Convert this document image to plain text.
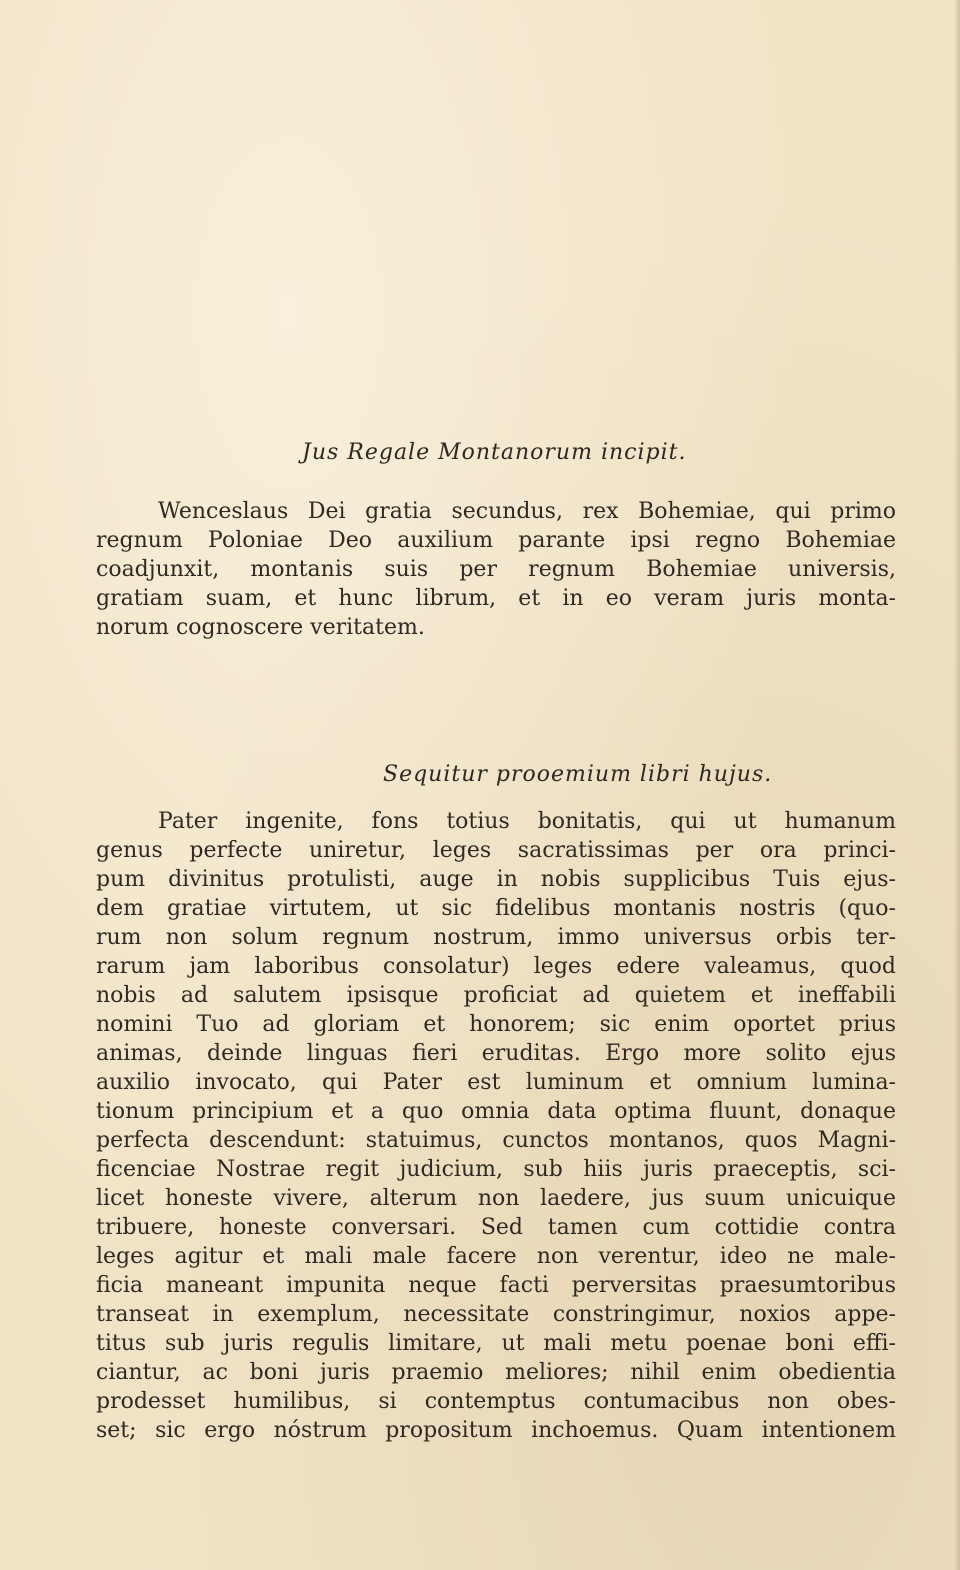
Jus Regale Montanorum incipit.
Wenceslaus Dei gratia secundus, rex Bohemiae, qui primo
regnum Poloniae Deo auxilium parante ipsi regno Bohemiae
coadjunxit, montanis suis per regnum Bohemiae universis,
gratiam suam, et hunc librum, et in eo veram juris monta-
norum cognoscere veritatem.
Sequitur prooemium libri hujus.
Pater ingenite, fons totius bonitatis, qui ut humanum
genus perfecte uniretur, leges sacratissimas per ora princi-
pum divinitus protulisti, auge in nobis supplicibus Tuis ejus-
dem gratiae virtutem, ut sic fidelibus montanis nostris (quo-
rum non solum regnum nostrum, immo universus orbis ter-
rarum jam laboribus consolatur) leges edere valeamus, quod
nobis ad salutem ipsisque proficiat ad quietem et ineffabili
nomini Tuo ad gloriam et honorem; sic enim oportet prius
animas, deinde linguas fieri eruditas. Ergo more solito ejus
auxilio invocato, qui Pater est luminum et omnium lumina-
tionum principium et a quo omnia data optima fluunt, donaque
perfecta descendunt: statuimus, cunctos montanos, quos Magni-
ficenciae Nostrae regit judicium, sub hiis juris praeceptis, sci-
licet honeste vivere, alterum non laedere, jus suum unicuique
tribuere, honeste conversari. Sed tamen cum cottidie contra
leges agitur et mali male facere non verentur, ideo ne male-
ficia maneant impunita neque facti perversitas praesumtoribus
transeat in exemplum, necessitate constringimur, noxios appe-
titus sub juris regulis limitare, ut mali metu poenae boni effi-
ciantur, ac boni juris praemio meliores; nihil enim obedientia
prodesset humilibus, si contemptus contumacibus non obes-
set; sic ergo nóstrum propositum inchoemus. Quam intentionem
